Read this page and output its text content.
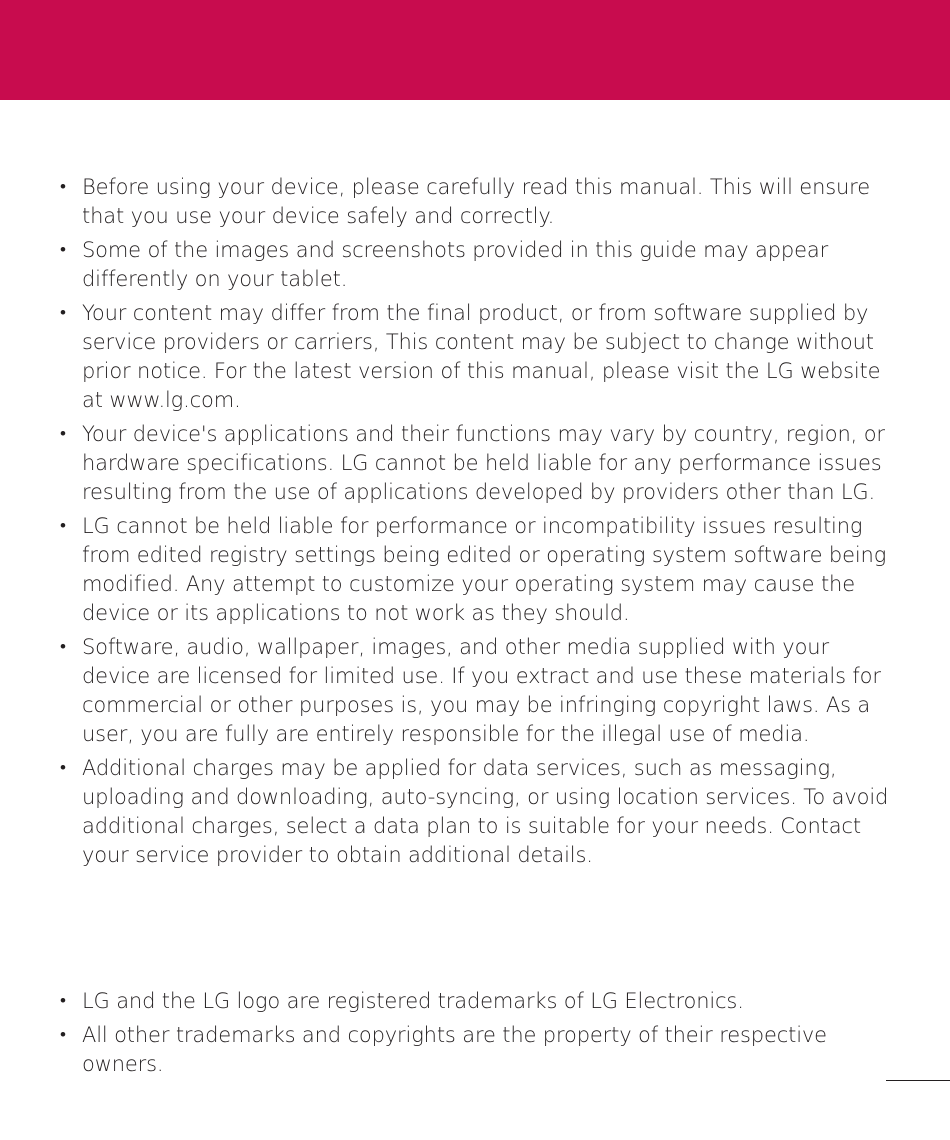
• Before using your device, please carefully read this manual. This will ensure that you use your device safely and correctly.
• Some of the images and screenshots provided in this guide may appear differently on your tablet.
• Your content may differ from the final product, or from software supplied by service providers or carriers, This content may be subject to change without prior notice. For the latest version of this manual, please visit the LG website at www.lg.com.
• Your device's applications and their functions may vary by country, region, or hardware specifications. LG cannot be held liable for any performance issues resulting from the use of applications developed by providers other than LG.
• LG cannot be held liable for performance or incompatibility issues resulting from edited registry settings being edited or operating system software being modified. Any attempt to customize your operating system may cause the device or its applications to not work as they should.
• Software, audio, wallpaper, images, and other media supplied with your device are licensed for limited use. If you extract and use these materials for commercial or other purposes is, you may be infringing copyright laws. As a user, you are fully are entirely responsible for the illegal use of media.
• Additional charges may be applied for data services, such as messaging, uploading and downloading, auto-syncing, or using location services. To avoid additional charges, select a data plan to is suitable for your needs. Contact your service provider to obtain additional details.
• LG and the LG logo are registered trademarks of LG Electronics.
• All other trademarks and copyrights are the property of their respective owners.
